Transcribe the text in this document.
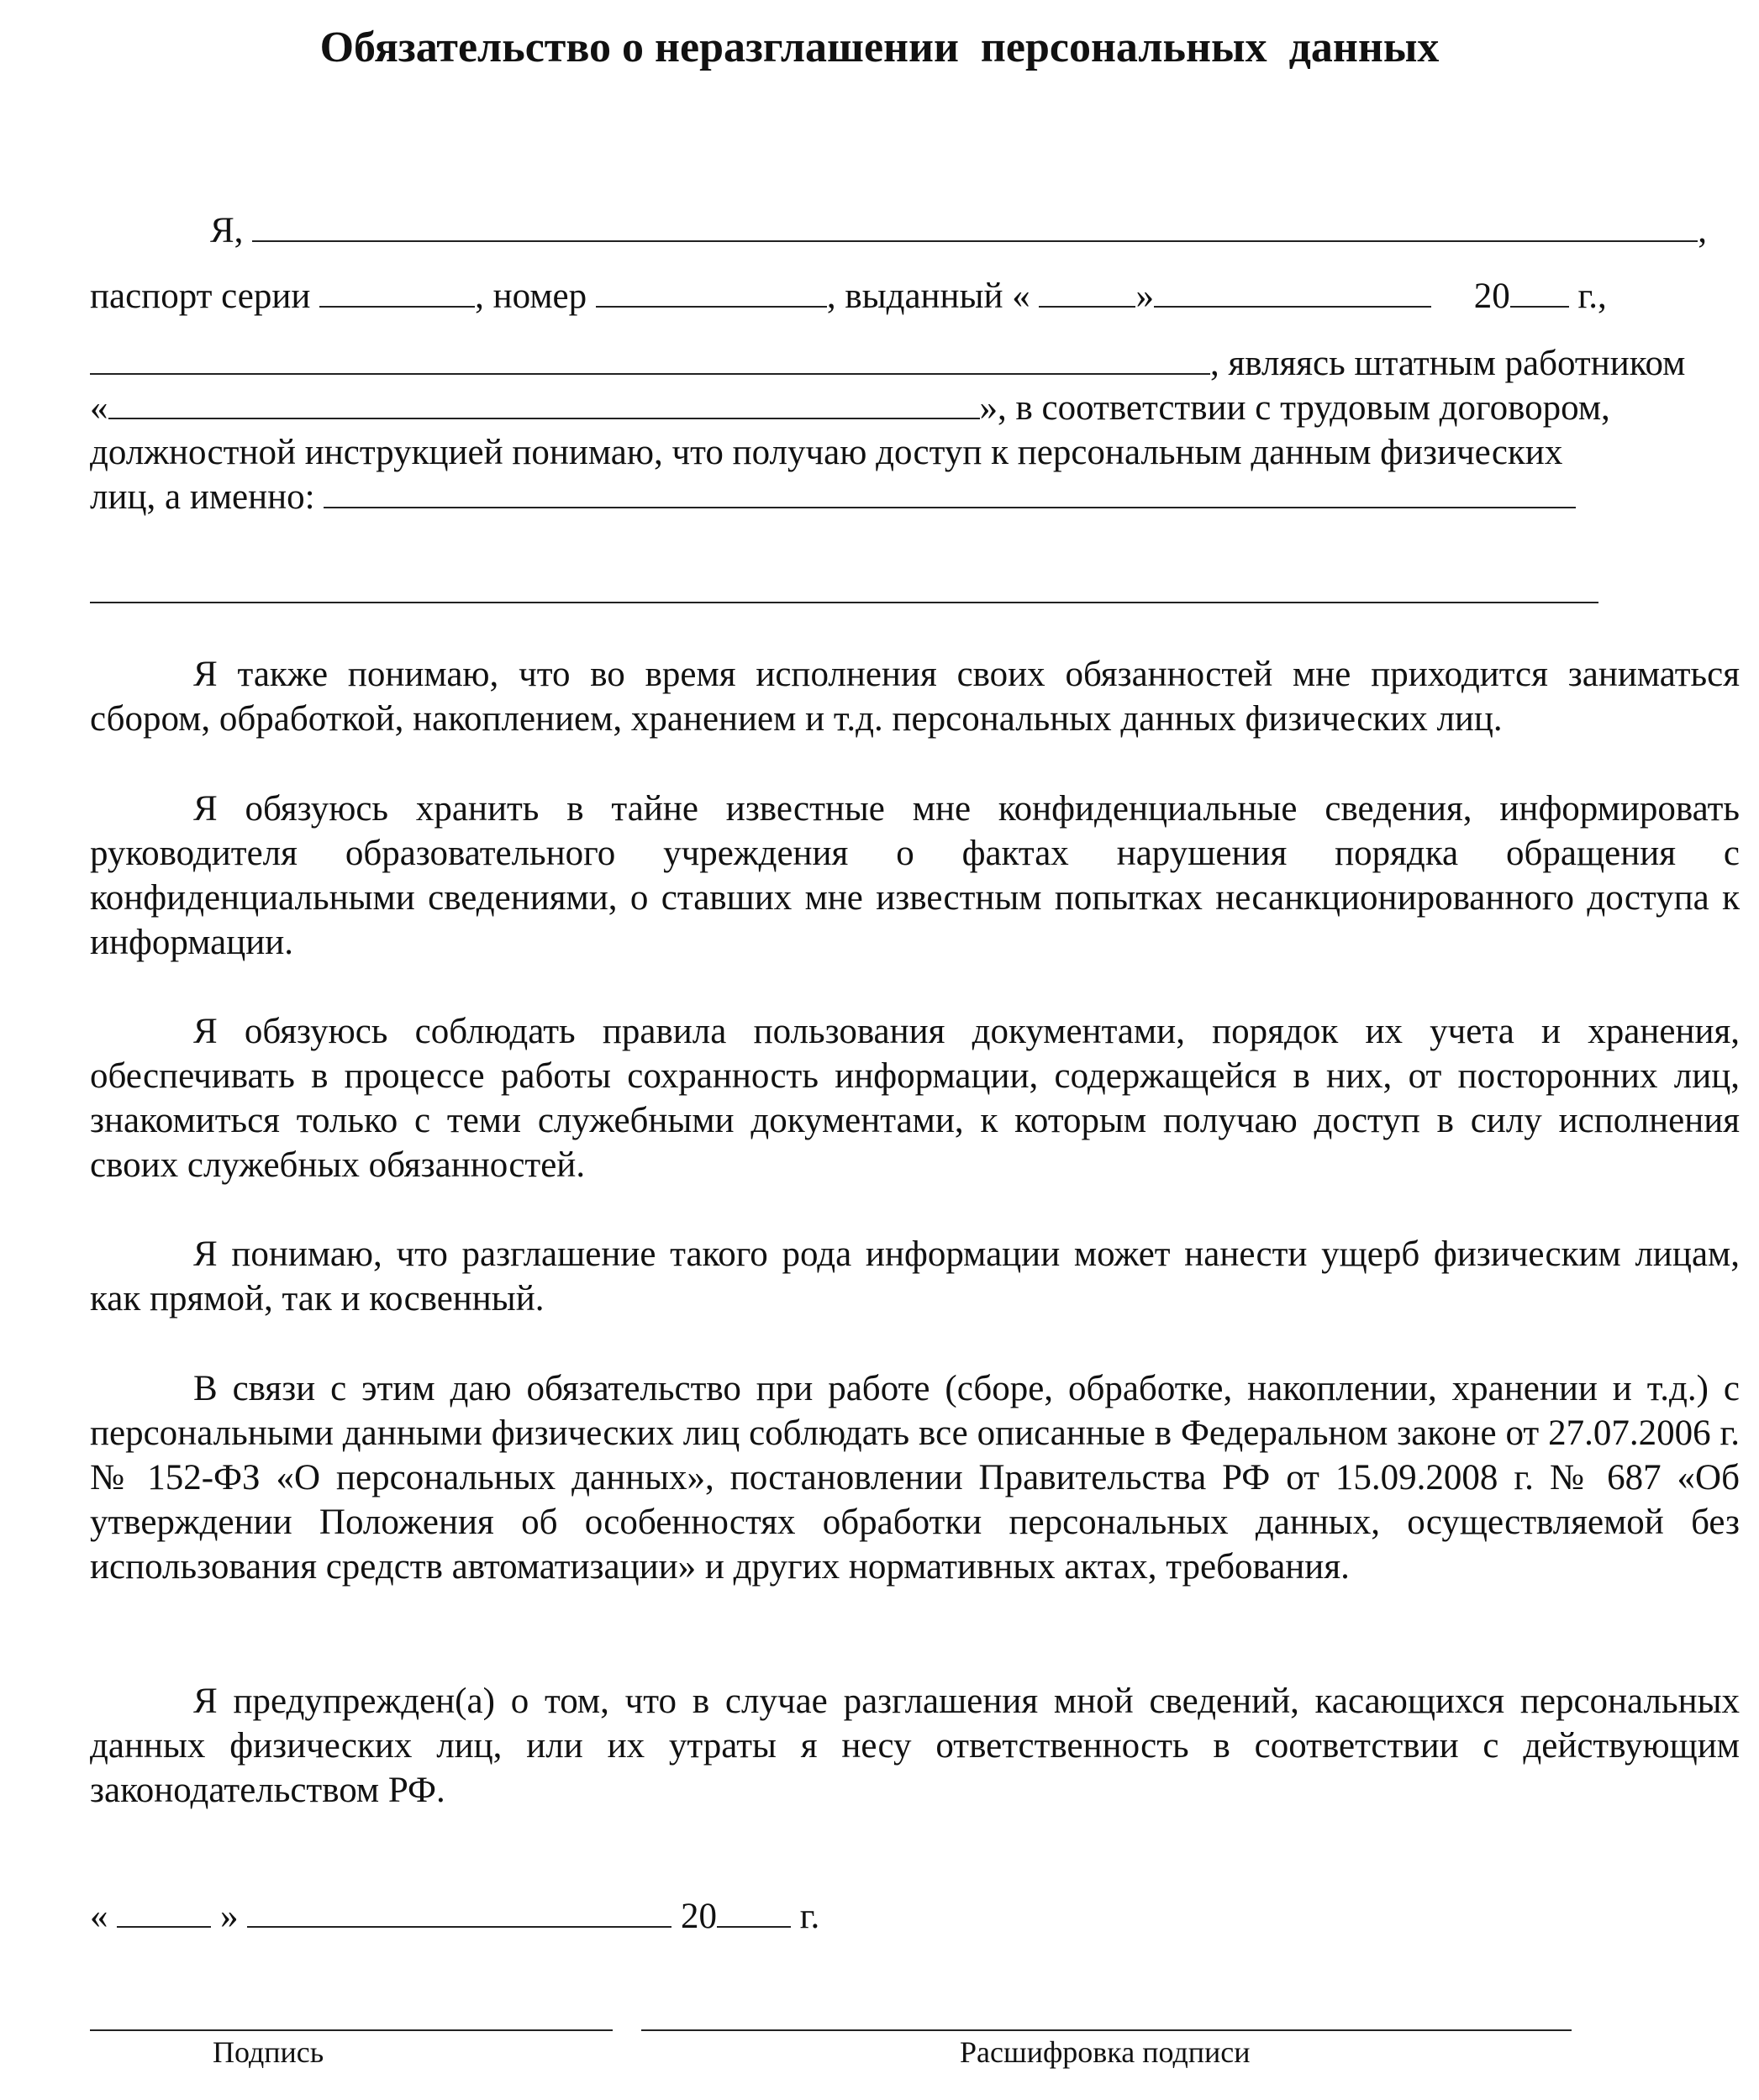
Обязательство о неразглашении  персональных  данных
Я,	,
паспорт серии	, номер	, выданный «	»	20 г.,
, являясь штатным работником
«	», в соответствии с трудовым договором,
должностной инструкцией понимаю, что получаю доступ к персональным данным физических
лиц, а именно:

Я также понимаю, что во время исполнения своих обязанностей мне приходится заниматься сбором, обработкой, накоплением, хранением и т.д. персональных данных физических лиц.

Я обязуюсь хранить в тайне известные мне конфиденциальные сведения, информировать руководителя образовательного учреждения о фактах нарушения порядка обращения с конфиденциальными сведениями, о ставших мне известным попытках несанкционированного доступа к информации.

Я обязуюсь соблюдать правила пользования документами, порядок их учета и хранения, обеспечивать в процессе работы сохранность информации, содержащейся в них, от посторонних лиц, знакомиться только с теми служебными документами, к которым получаю доступ в силу исполнения своих служебных обязанностей.

Я понимаю, что разглашение такого рода информации может нанести ущерб физическим лицам, как прямой, так и косвенный.

В связи с этим даю обязательство при работе (сборе, обработке, накоплении, хранении и т.д.) с персональными данными физических лиц соблюдать все описанные в Федеральном законе от 27.07.2006 г. № 152-ФЗ «О персональных данных», постановлении Правительства РФ от 15.09.2008 г. № 687 «Об утверждении Положения об особенностях обработки персональных данных, осуществляемой без использования средств автоматизации» и других нормативных актах, требования.

Я предупрежден(а) о том, что в случае разглашения мной сведений, касающихся персональных данных физических лиц, или их утраты я несу ответственность в соответствии с действующим законодательством РФ.

«	»	20 г.
Подпись	Расшифровка подписи
